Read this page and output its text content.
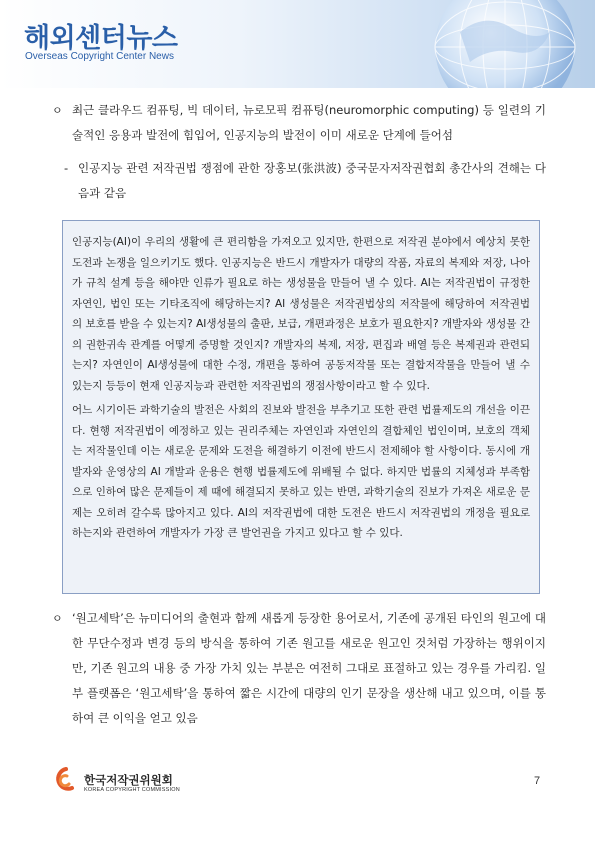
해외센터뉴스
Overseas Copyright Center News
ㅇ 최근 클라우드 컴퓨팅, 빅 데이터, 뉴로모픽 컴퓨팅(neuromorphic computing) 등 일련의 기술적인 응용과 발전에 힘입어, 인공지능의 발전이 이미 새로운 단계에 들어섬
- 인공지능 관련 저작권법 쟁점에 관한 장홍보(张洪波) 중국문자저작권협회 총간사의 견해는 다음과 같음

인공지능(AI)이 우리의 생활에 큰 편리함을 가져오고 있지만, 한편으로 저작권 분야에서 예상치 못한 도전과 논쟁을 일으키기도 했다. 인공지능은 반드시 개발자가 대량의 작품, 자료의 복제와 저장, 나아가 규칙 설계 등을 해야만 인류가 필요로 하는 생성물을 만들어 낼 수 있다. AI는 저작권법이 규정한 자연인, 법인 또는 기타조직에 해당하는지? AI 생성물은 저작권법상의 저작물에 해당하여 저작권법의 보호를 받을 수 있는지? AI생성물의 출판, 보급, 개편과정은 보호가 필요한지? 개발자와 생성물 간의 권한귀속 관계를 어떻게 증명할 것인지? 개발자의 복제, 저장, 편집과 배열 등은 복제권과 관련되는지? 자연인이 AI생성물에 대한 수정, 개편을 통하여 공동저작물 또는 결합저작물을 만들어 낼 수 있는지 등등이 현재 인공지능과 관련한 저작권법의 쟁점사항이라고 할 수 있다.

어느 시기이든 과학기술의 발전은 사회의 진보와 발전을 부추기고 또한 관련 법률제도의 개선을 이끈다. 현행 저작권법이 예정하고 있는 권리주체는 자연인과 자연인의 결합체인 법인이며, 보호의 객체는 저작물인데 이는 새로운 문제와 도전을 해결하기 이전에 반드시 전제해야 할 사항이다. 동시에 개발자와 운영상의 AI 개발과 운용은 현행 법률제도에 위배될 수 없다. 하지만 법률의 지체성과 부족함으로 인하여 많은 문제들이 제 때에 해결되지 못하고 있는 반면, 과학기술의 진보가 가져온 새로운 문제는 오히려 갈수록 많아지고 있다. AI의 저작권법에 대한 도전은 반드시 저작권법의 개정을 필요로 하는지와 관련하여 개발자가 가장 큰 발언권을 가지고 있다고 할 수 있다.

ㅇ ‘원고세탁’은 뉴미디어의 출현과 함께 새롭게 등장한 용어로서, 기존에 공개된 타인의 원고에 대한 무단수정과 변경 등의 방식을 통하여 기존 원고를 새로운 원고인 것처럼 가장하는 행위이지만, 기존 원고의 내용 중 가장 가치 있는 부분은 여전히 그대로 표절하고 있는 경우를 가리킴. 일부 플랫폼은 ‘원고세탁’을 통하여 짧은 시간에 대량의 인기 문장을 생산해 내고 있으며, 이를 통하여 큰 이익을 얻고 있음
한국저작권위원회
KOREA COPYRIGHT COMMISSION
7
